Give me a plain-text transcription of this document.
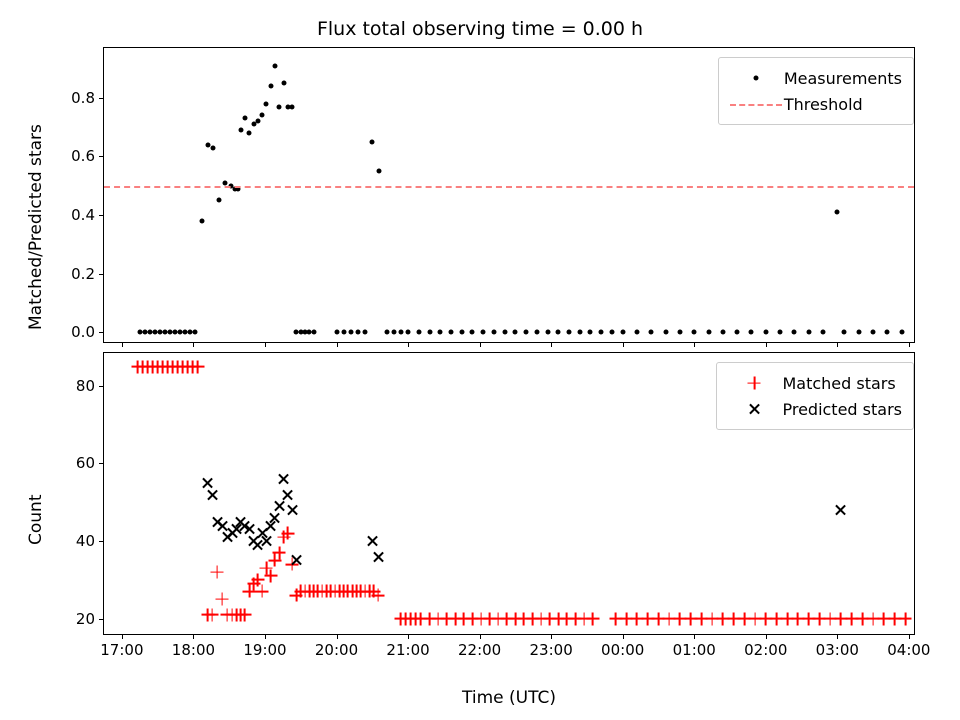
Flux total observing time = 0.00 h
0.0
0.2
0.4
0.6
0.8
Matched/Predicted stars
20
40
60
80
17:00 18:00 19:00 20:00 21:00 22:00 23:00 00:00 01:00 02:00 03:00 04:00
Count
Time (UTC)
Measurements
Threshold
Matched stars
Predicted stars
